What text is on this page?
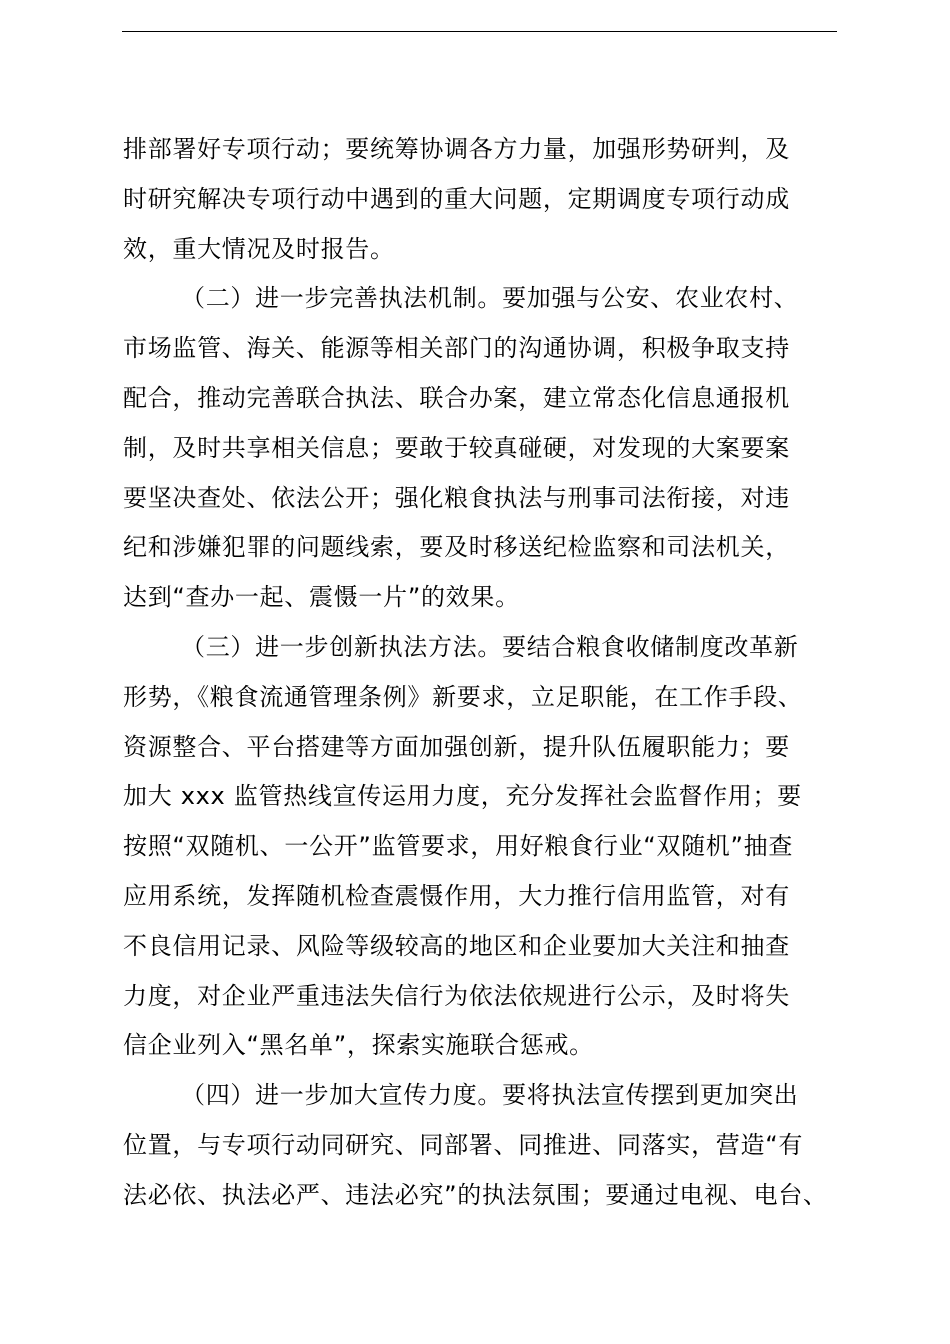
排部署好专项行动；要统筹协调各方力量，加强形势研判，及
时研究解决专项行动中遇到的重大问题，定期调度专项行动成
效，重大情况及时报告。
（二）进一步完善执法机制。要加强与公安、农业农村、
市场监管、海关、能源等相关部门的沟通协调，积极争取支持
配合，推动完善联合执法、联合办案，建立常态化信息通报机
制，及时共享相关信息；要敢于较真碰硬，对发现的大案要案
要坚决查处、依法公开；强化粮食执法与刑事司法衔接，对违
纪和涉嫌犯罪的问题线索，要及时移送纪检监察和司法机关，
达到“查办一起、震慑一片”的效果。
（三）进一步创新执法方法。要结合粮食收储制度改革新
形势，《粮食流通管理条例》新要求，立足职能，在工作手段、
资源整合、平台搭建等方面加强创新，提升队伍履职能力；要
加大 xxx 监管热线宣传运用力度，充分发挥社会监督作用；要
按照“双随机、一公开”监管要求，用好粮食行业“双随机”抽查
应用系统，发挥随机检查震慑作用，大力推行信用监管，对有
不良信用记录、风险等级较高的地区和企业要加大关注和抽查
力度，对企业严重违法失信行为依法依规进行公示，及时将失
信企业列入“黑名单”，探索实施联合惩戒。
（四）进一步加大宣传力度。要将执法宣传摆到更加突出
位置，与专项行动同研究、同部署、同推进、同落实，营造“有
法必依、执法必严、违法必究”的执法氛围；要通过电视、电台、
